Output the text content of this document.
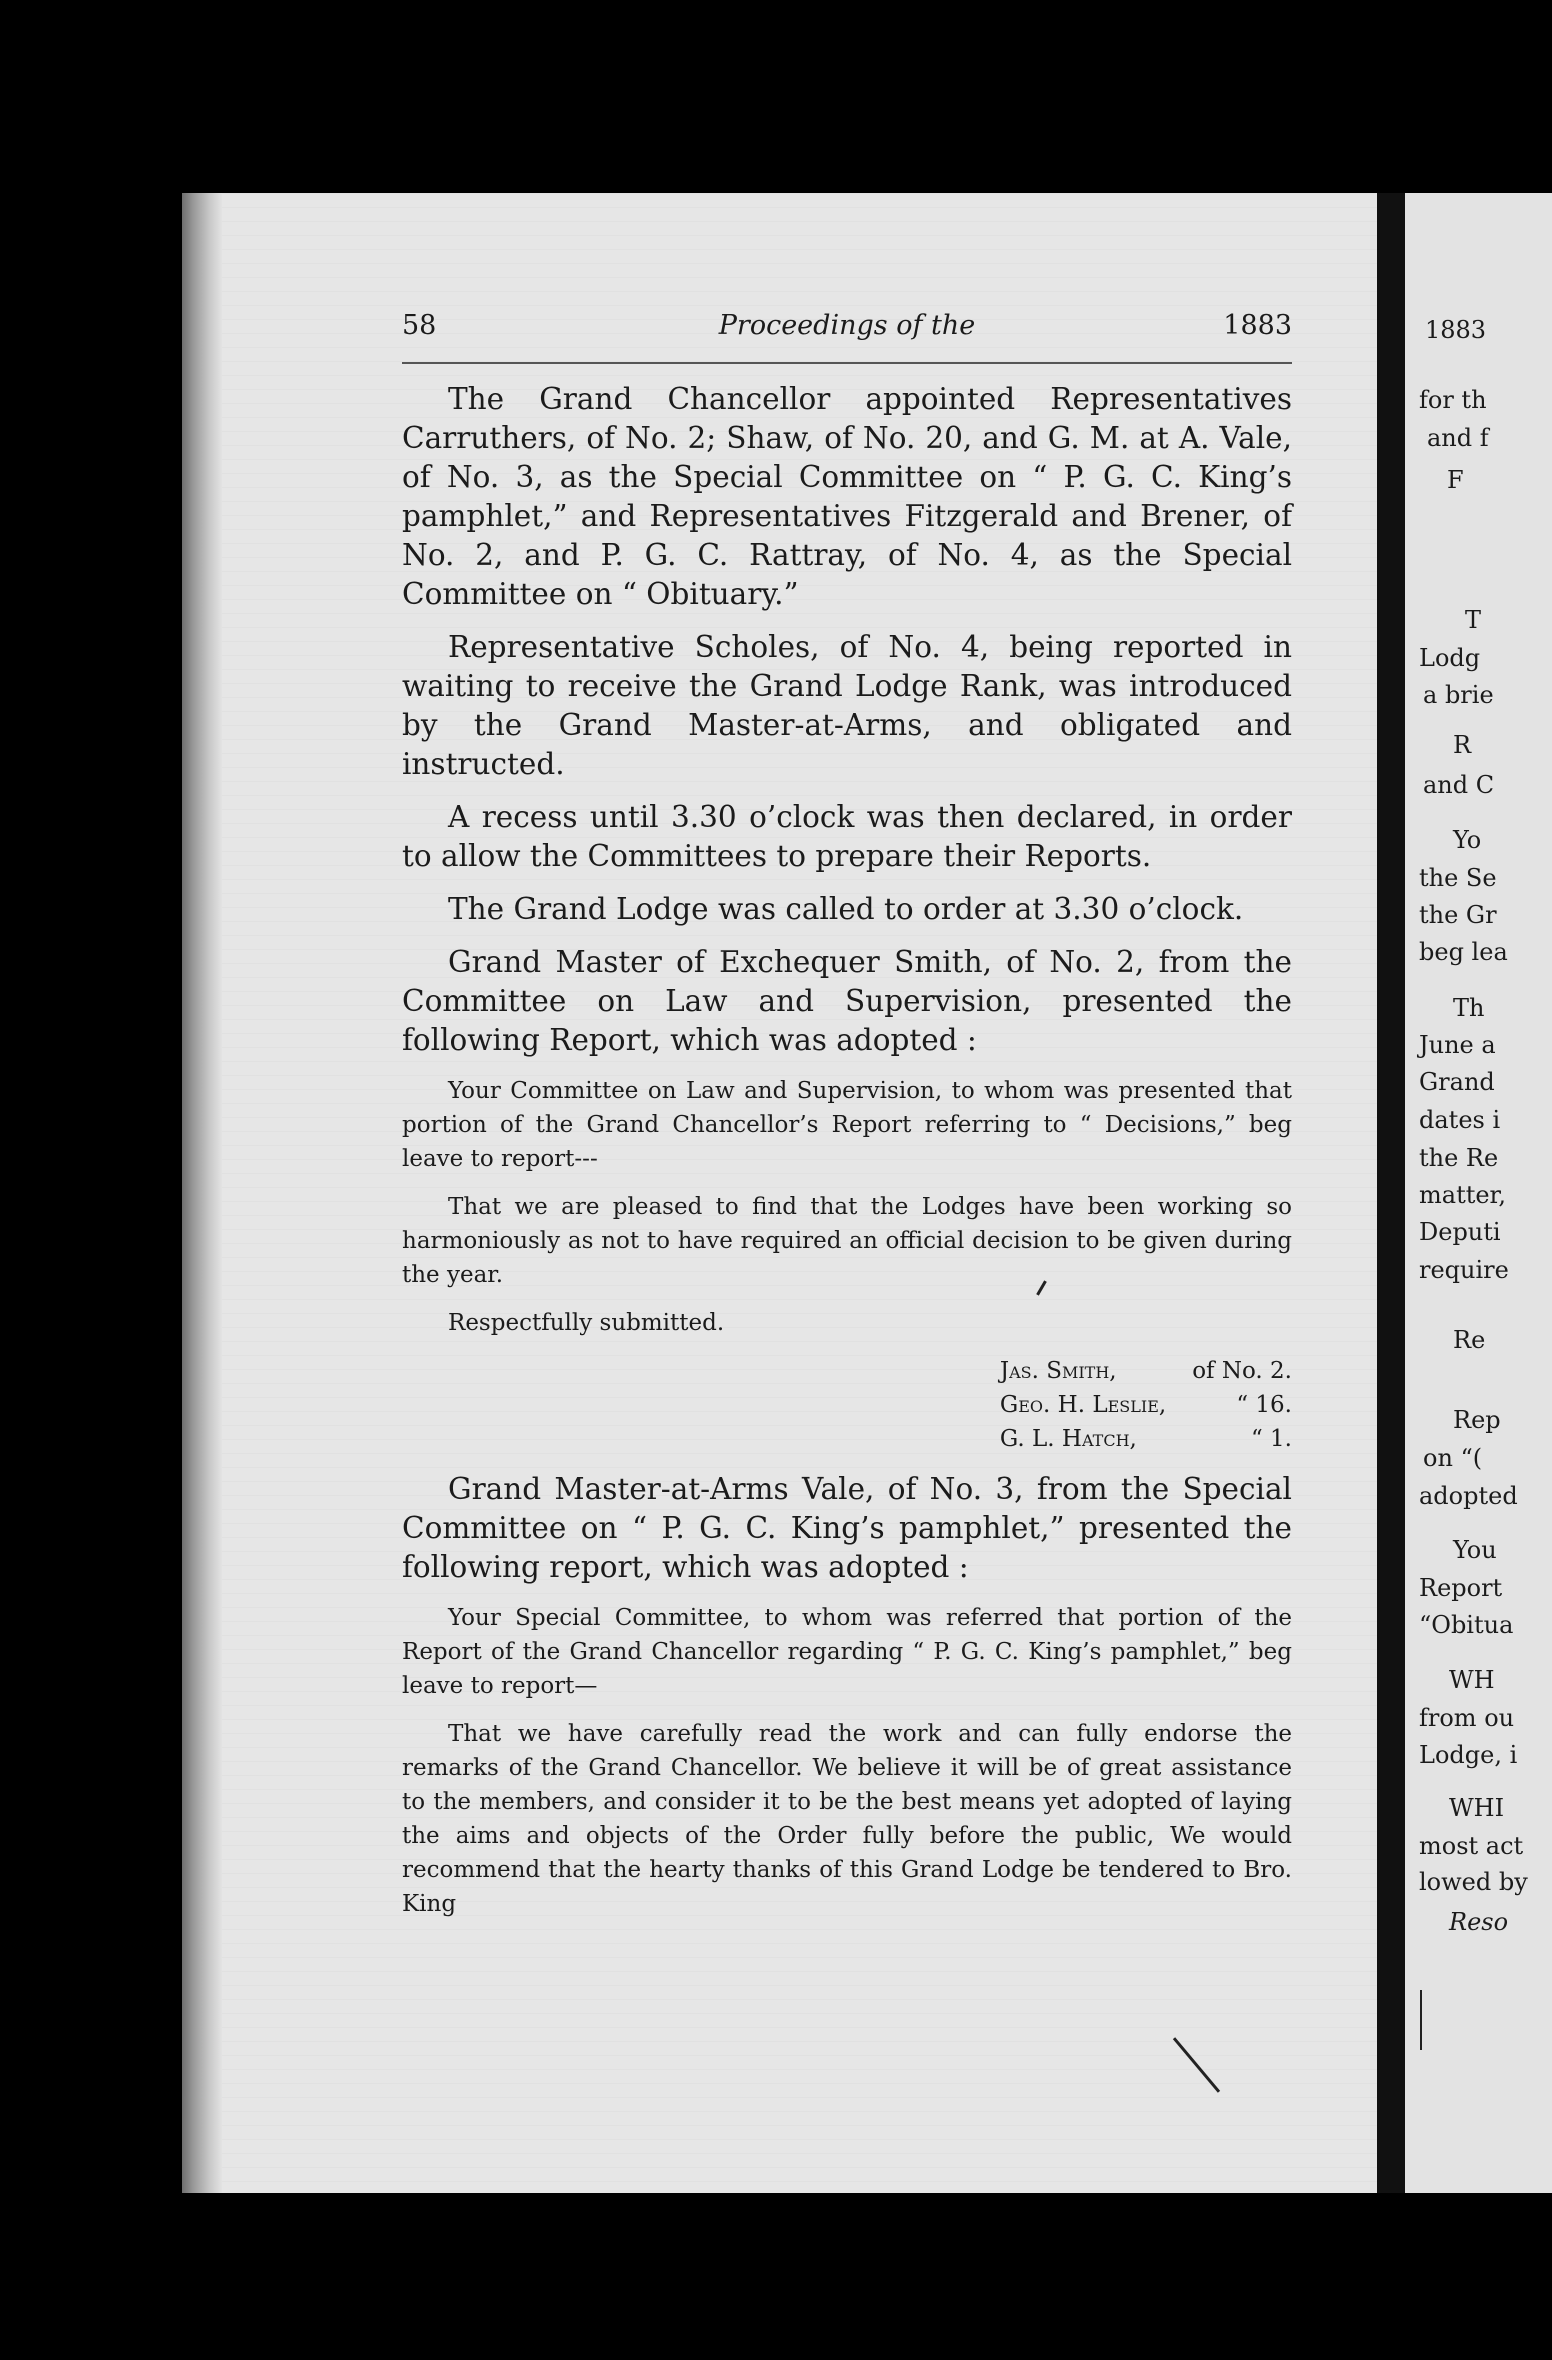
1883
for th
and f
F
T
Lodg
a brie
R
and C
Yo
the Se
the Gr
beg lea
Th
June a
Grand
dates i
the Re
matter,
Deputi
require
Re
Rep
on “(
adopted
You
Report
“Obitua
WH
from ou
Lodge, i
WHI
most act
lowed by
Reso
58	Proceedings of the	1883

The Grand Chancellor appointed Representatives Carruthers, of No. 2; Shaw, of No. 20, and G. M. at A. Vale, of No. 3, as the Special Committee on “ P. G. C. King’s pamphlet,” and Representatives Fitzgerald and Brener, of No. 2, and P. G. C. Rattray, of No. 4, as the Special Committee on “ Obituary.”

Representative Scholes, of No. 4, being reported in waiting to receive the Grand Lodge Rank, was introduced by the Grand Master-at-Arms, and obligated and instructed.

A recess until 3.30 o’clock was then declared, in order to allow the Committees to prepare their Reports.

The Grand Lodge was called to order at 3.30 o’clock.

Grand Master of Exchequer Smith, of No. 2, from the Committee on Law and Supervision, presented the following Report, which was adopted :

Your Committee on Law and Supervision, to whom was presented that portion of the Grand Chancellor’s Report referring to “ Decisions,” beg leave to report---

That we are pleased to find that the Lodges have been working so harmoniously as not to have required an official decision to be given during the year.

Respectfully submitted.

Jas. Smith,	of No. 2.
Geo. H. Leslie,	“ 16.
G. L. Hatch,	“ 1.

Grand Master-at-Arms Vale, of No. 3, from the Special Committee on “ P. G. C. King’s pamphlet,” presented the following report, which was adopted :

Your Special Committee, to whom was referred that portion of the Report of the Grand Chancellor regarding “ P. G. C. King’s pamphlet,” beg leave to report—

That we have carefully read the work and can fully endorse the remarks of the Grand Chancellor. We believe it will be of great assistance to the members, and consider it to be the best means yet adopted of laying the aims and objects of the Order fully before the public, We would recommend that the hearty thanks of this Grand Lodge be tendered to Bro. King
